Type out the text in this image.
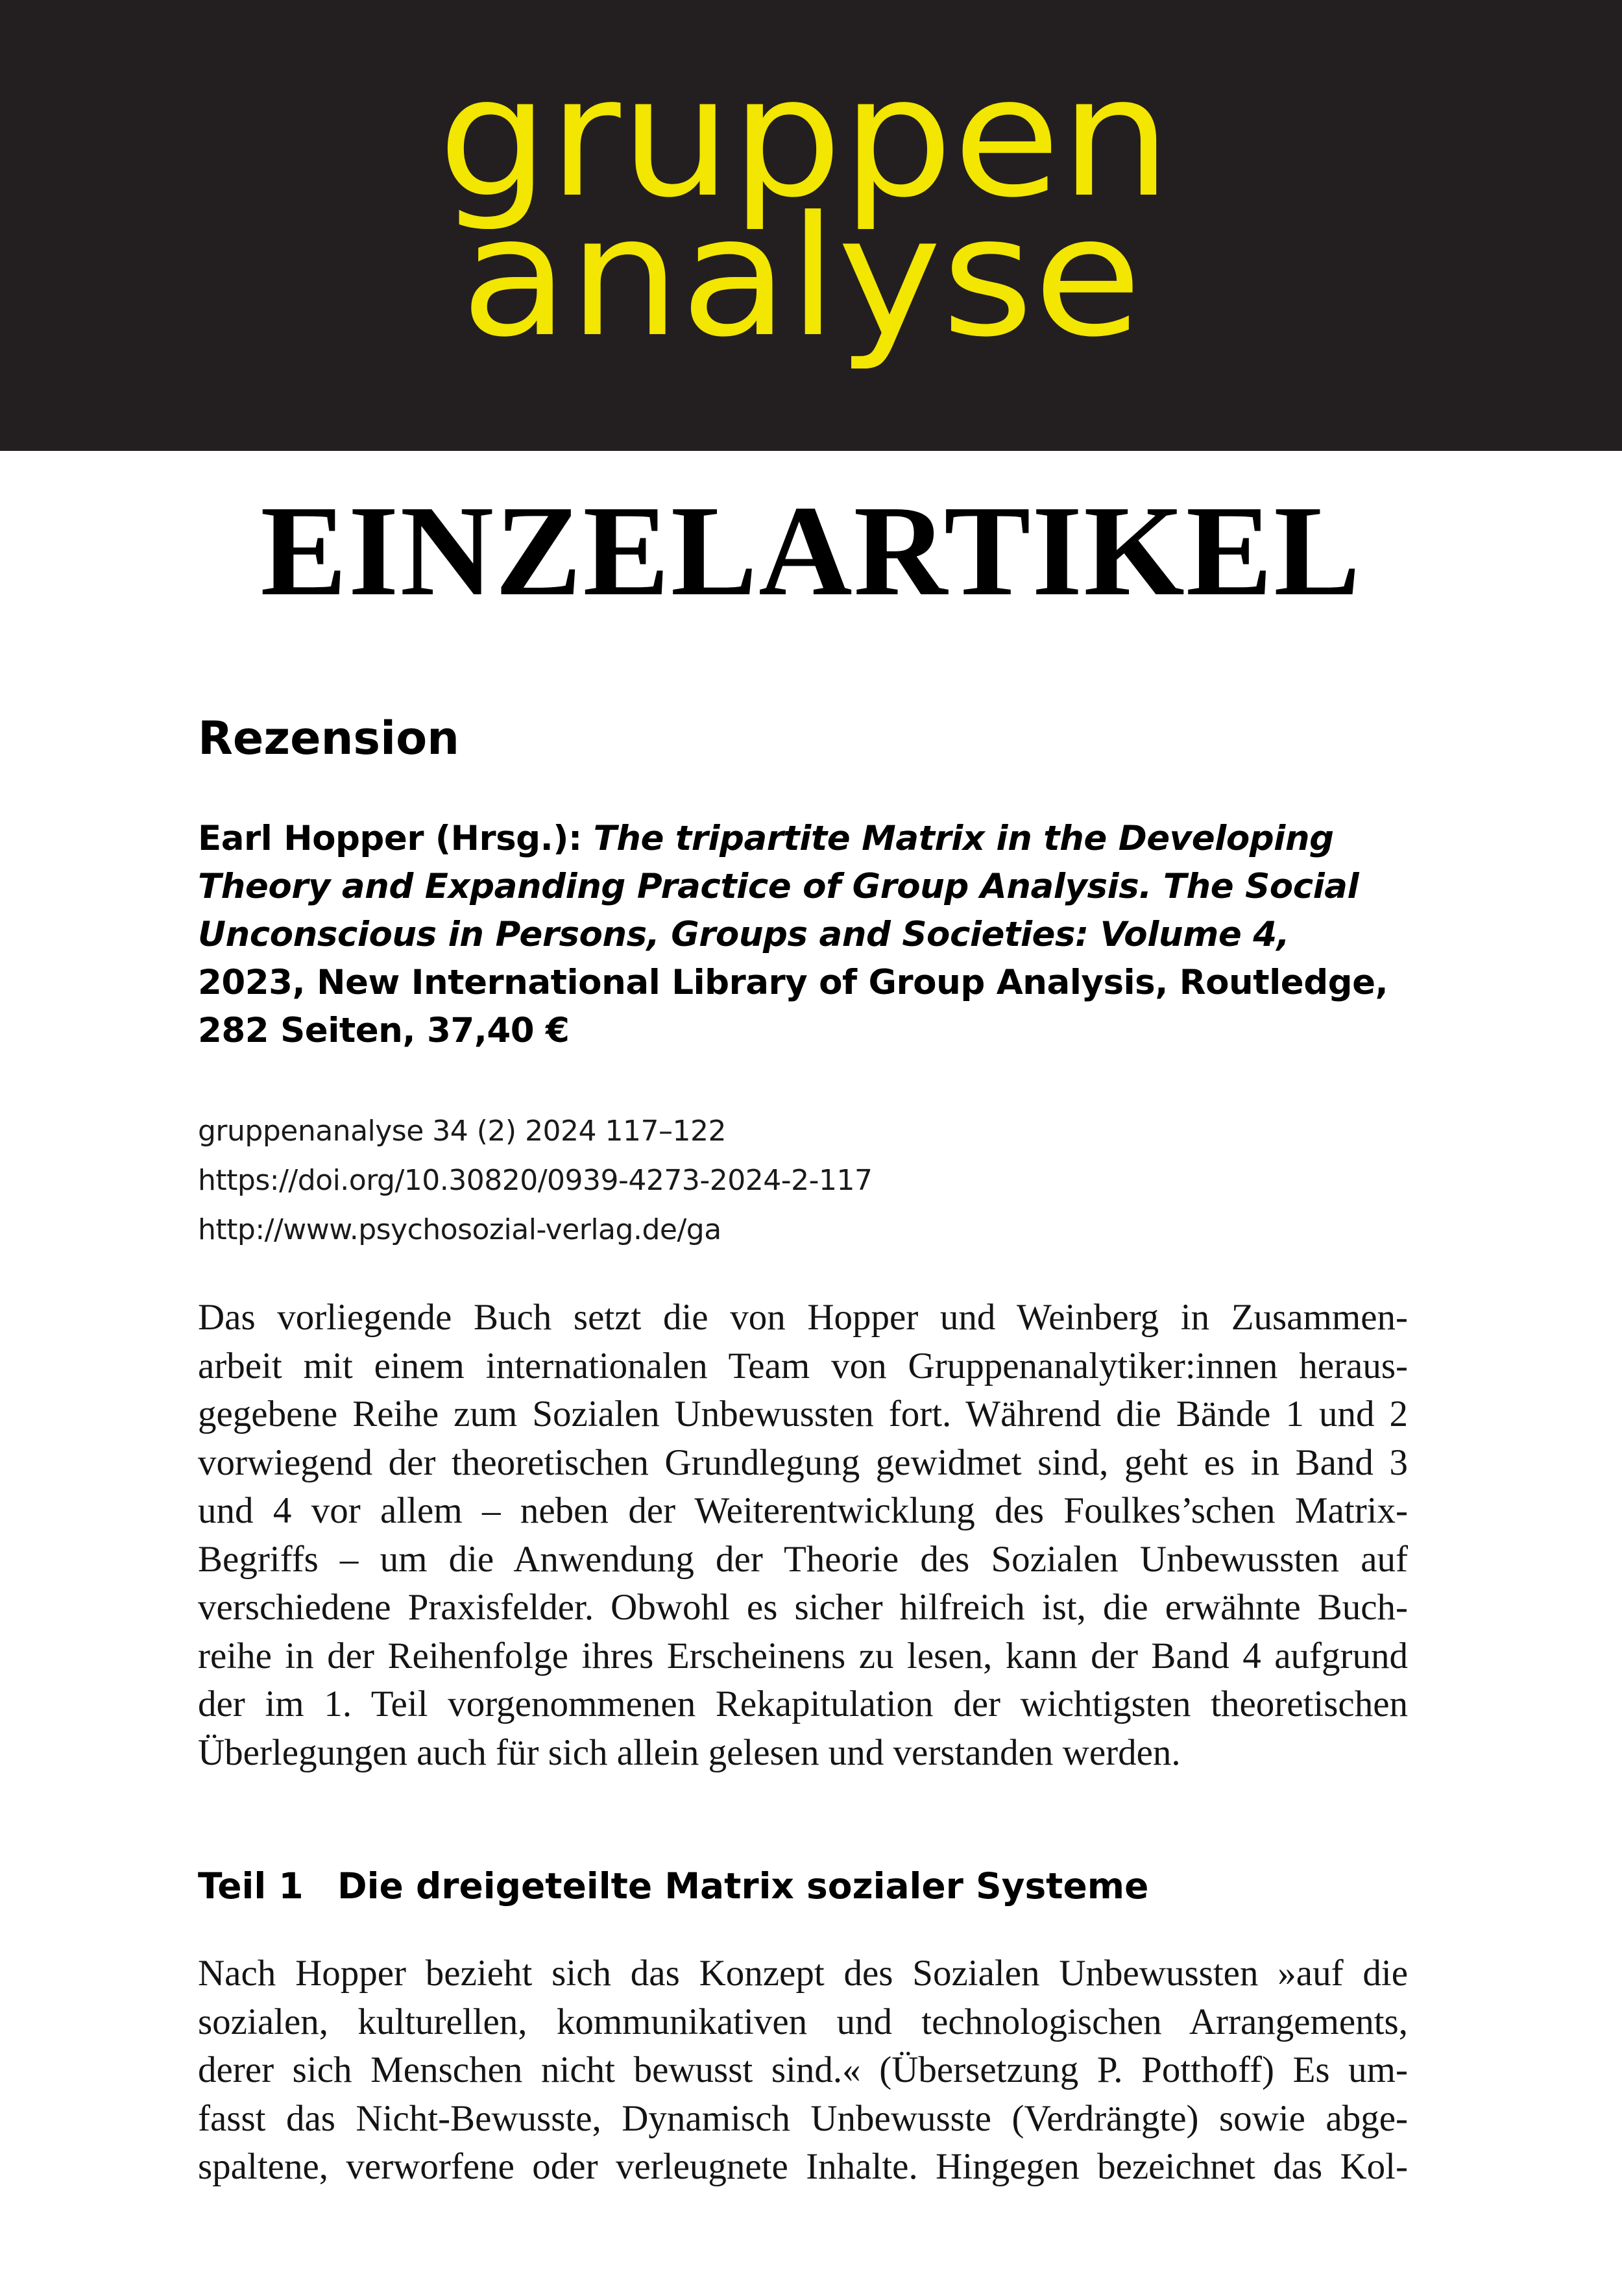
gruppen
analyse
EINZELARTIKEL
Rezension
Earl Hopper (Hrsg.): The tripartite Matrix in the Developing
Theory and Expanding Practice of Group Analysis. The Social
Unconscious in Persons, Groups and Societies: Volume 4,
2023, New International Library of Group Analysis, Routledge,
282 Seiten, 37,40 €
gruppenanalyse 34 (2) 2024 117–122
https://doi.org/10.30820/0939-4273-2024-2-117
http://www.psychosozial-verlag.de/ga
Das vorliegende Buch setzt die von Hopper und Weinberg in Zusammen-
arbeit mit einem internationalen Team von Gruppenanalytiker:innen heraus-
gegebene Reihe zum Sozialen Unbewussten fort. Während die Bände 1 und 2
vorwiegend der theoretischen Grundlegung gewidmet sind, geht es in Band 3
und 4 vor allem – neben der Weiterentwicklung des Foulkes’schen Matrix-
Begriffs – um die Anwendung der Theorie des Sozialen Unbewussten auf
verschiedene Praxisfelder. Obwohl es sicher hilfreich ist, die erwähnte Buch-
reihe in der Reihenfolge ihres Erscheinens zu lesen, kann der Band 4 aufgrund
der im 1. Teil vorgenommenen Rekapitulation der wichtigsten theoretischen
Überlegungen auch für sich allein gelesen und verstanden werden.
Teil 1 Die dreigeteilte Matrix sozialer Systeme
Nach Hopper bezieht sich das Konzept des Sozialen Unbewussten »auf die
sozialen, kulturellen, kommunikativen und technologischen Arrangements,
derer sich Menschen nicht bewusst sind.« (Übersetzung P. Potthoff) Es um-
fasst das Nicht-Bewusste, Dynamisch Unbewusste (Verdrängte) sowie abge-
spaltene, verworfene oder verleugnete Inhalte. Hingegen bezeichnet das Kol-
